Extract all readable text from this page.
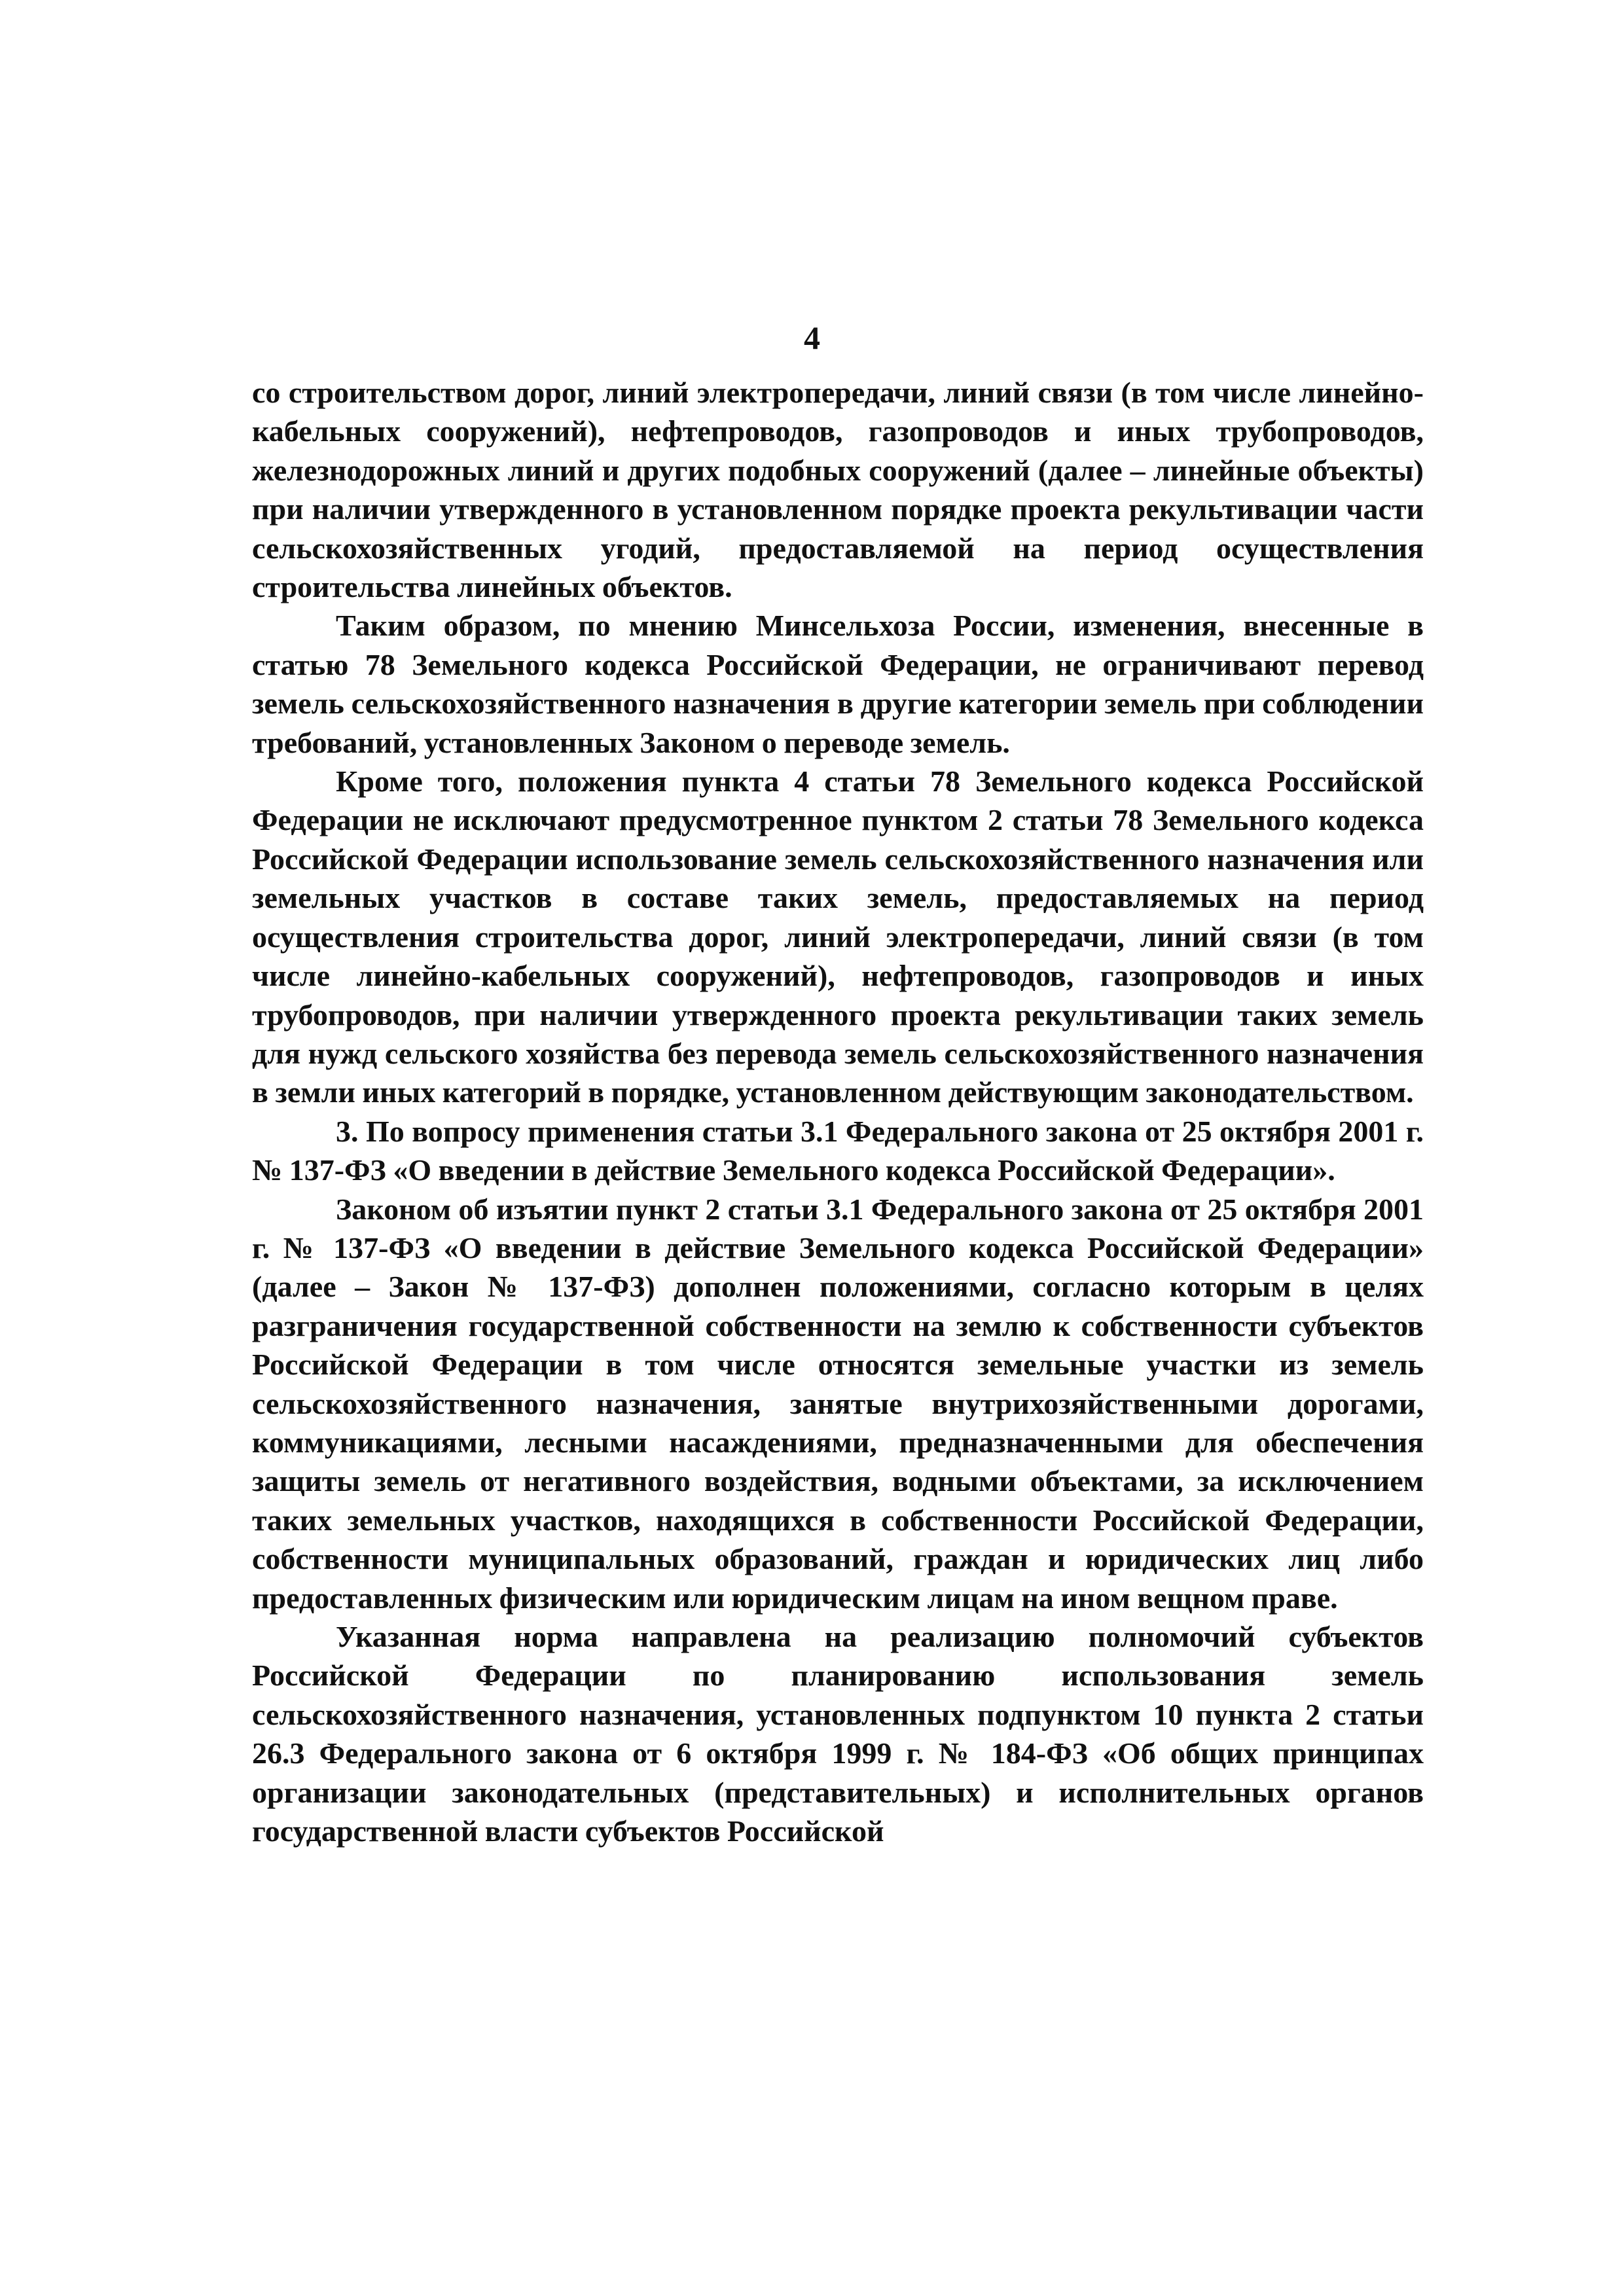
4

со строительством дорог, линий электропередачи, линий связи (в том числе линейно-кабельных сооружений), нефтепроводов, газопроводов и иных трубопроводов, железнодорожных линий и других подобных сооружений (далее – линейные объекты) при наличии утвержденного в установленном порядке проекта рекультивации части сельскохозяйственных угодий, предоставляемой на период осуществления строительства линейных объектов.

Таким образом, по мнению Минсельхоза России, изменения, внесенные в статью 78 Земельного кодекса Российской Федерации, не ограничивают перевод земель сельскохозяйственного назначения в другие категории земель при соблюдении требований, установленных Законом о переводе земель.

Кроме того, положения пункта 4 статьи 78 Земельного кодекса Российской Федерации не исключают предусмотренное пунктом 2 статьи 78 Земельного кодекса Российской Федерации использование земель сельскохозяйственного назначения или земельных участков в составе таких земель, предоставляемых на период осуществления строительства дорог, линий электропередачи, линий связи (в том числе линейно-кабельных сооружений), нефтепроводов, газопроводов и иных трубопроводов, при наличии утвержденного проекта рекультивации таких земель для нужд сельского хозяйства без перевода земель сельскохозяйственного назначения в земли иных категорий в порядке, установленном действующим законодательством.

3. По вопросу применения статьи 3.1 Федерального закона от 25 октября 2001 г. № 137-ФЗ «О введении в действие Земельного кодекса Российской Федерации».

Законом об изъятии пункт 2 статьи 3.1 Федерального закона от 25 октября 2001 г. № 137-ФЗ «О введении в действие Земельного кодекса Российской Федерации» (далее – Закон № 137-ФЗ) дополнен положениями, согласно которым в целях разграничения государственной собственности на землю к собственности субъектов Российской Федерации в том числе относятся земельные участки из земель сельскохозяйственного назначения, занятые внутрихозяйственными дорогами, коммуникациями, лесными насаждениями, предназначенными для обеспечения защиты земель от негативного воздействия, водными объектами, за исключением таких земельных участков, находящихся в собственности Российской Федерации, собственности муниципальных образований, граждан и юридических лиц либо предоставленных физическим или юридическим лицам на ином вещном праве.

Указанная норма направлена на реализацию полномочий субъектов Российской Федерации по планированию использования земель сельскохозяйственного назначения, установленных подпунктом 10 пункта 2 статьи 26.3 Федерального закона от 6 октября 1999 г. № 184-ФЗ «Об общих принципах организации законодательных (представительных) и исполнительных органов государственной власти субъектов Российской
